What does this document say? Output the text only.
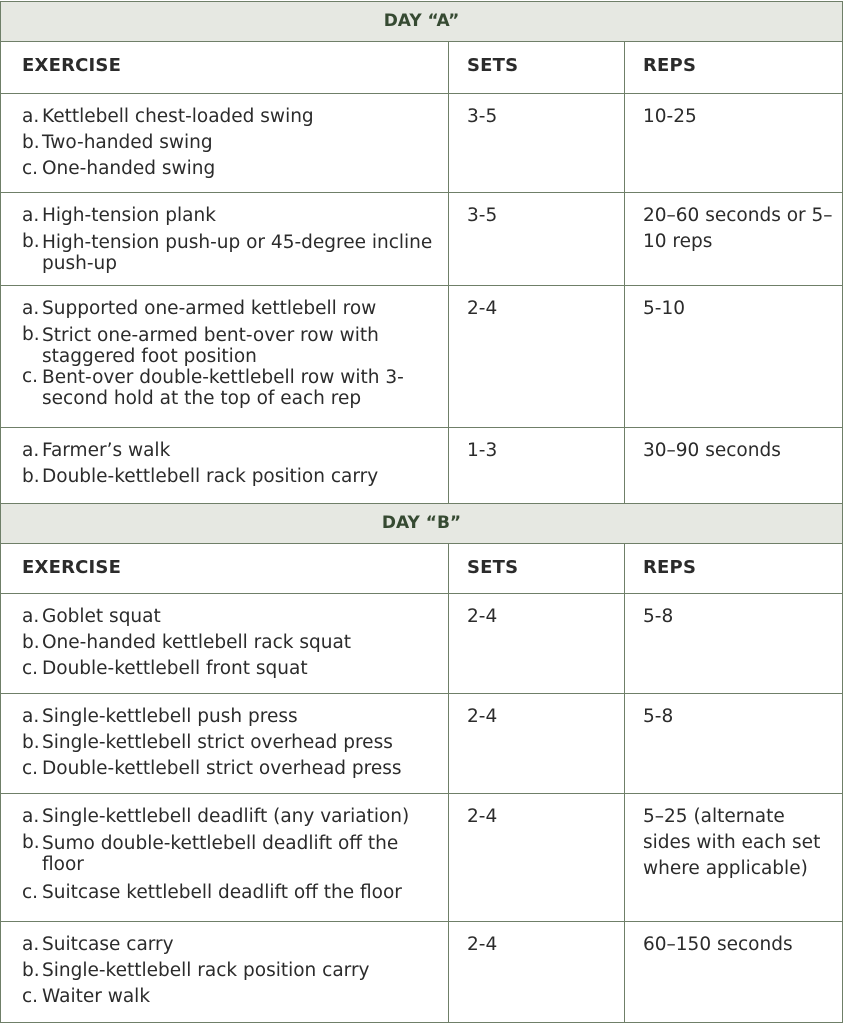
DAY “A”
EXERCISE	SETS	REPS
a. Kettlebell chest-loaded swing
b. Two-handed swing
c. One-handed swing
3-5	10-25
a. High-tension plank
b. High-tension push-up or 45-degree incline push-up
3-5	20–60 seconds or 5–10 reps
a. Supported one-armed kettlebell row
b. Strict one-armed bent-over row with staggered foot position
c. Bent-over double-kettlebell row with 3-second hold at the top of each rep
2-4	5-10
a. Farmer’s walk
b. Double-kettlebell rack position carry
1-3	30–90 seconds
DAY “B”
EXERCISE	SETS	REPS
a. Goblet squat
b. One-handed kettlebell rack squat
c. Double-kettlebell front squat
2-4	5-8
a. Single-kettlebell push press
b. Single-kettlebell strict overhead press
c. Double-kettlebell strict overhead press
2-4	5-8
a. Single-kettlebell deadlift (any variation)
b. Sumo double-kettlebell deadlift off the floor
c. Suitcase kettlebell deadlift off the floor
2-4	5–25 (alternate sides with each set where applicable)
a. Suitcase carry
b. Single-kettlebell rack position carry
c. Waiter walk
2-4	60–150 seconds
